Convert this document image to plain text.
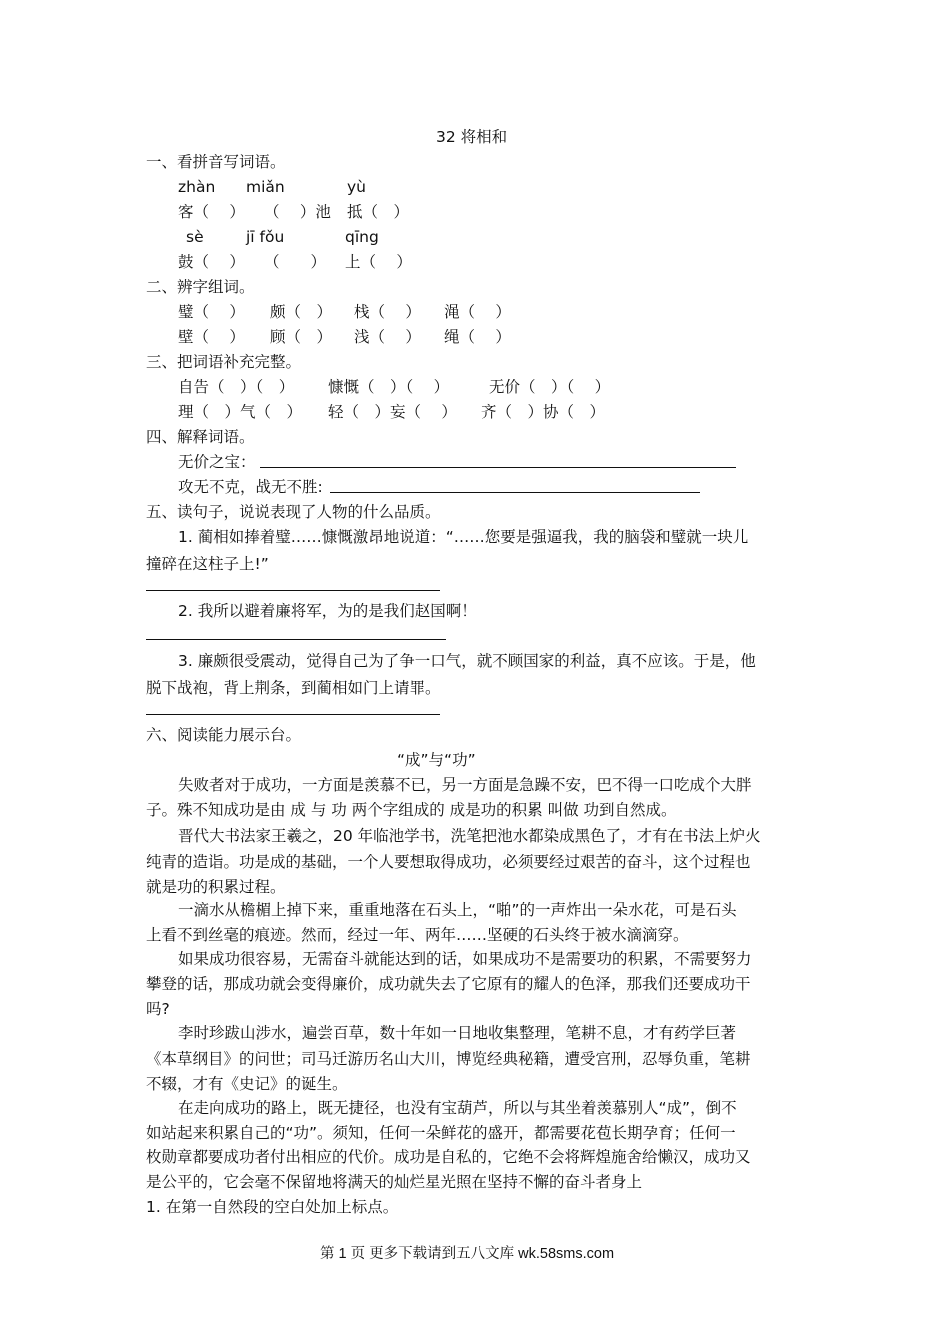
32 将相和
一、看拼音写词语。
zhàn miǎn	yù
客（　 ） （　 ）池 抵（　）
sè	jī fǒu	qīng
鼓（　 ） （　　） 上（　 ）
二、辨字组词。
璧（　 ） 颇（　） 栈（　 ） 渑（　 ）
壁（　 ） 顾（　） 浅（　 ） 绳（　 ）
三、把词语补充完整。
自告（　）（　） 慷慨（　）（　 ）	无价（　）（　 ）
理（　）气（　） 轻（　）妄（　 ） 齐（　）协（　）
四、解释词语。
无价之宝：
攻无不克，战无不胜:
五、读句子，说说表现了人物的什么品质。
1. 蔺相如捧着璧……慷慨激昂地说道：“……您要是强逼我，我的脑袋和璧就一块儿
撞碎在这柱子上!”
2. 我所以避着廉将军，为的是我们赵国啊！
3. 廉颇很受震动，觉得自己为了争一口气，就不顾国家的利益，真不应该。于是，他
脱下战袍，背上荆条，到蔺相如门上请罪。
六、阅读能力展示台。
“成”与“功”
失败者对于成功，一方面是羡慕不已，另一方面是急躁不安，巴不得一口吃成个大胖
子。殊不知成功是由 成 与 功 两个字组成的 成是功的积累 叫做 功到自然成。
晋代大书法家王羲之，20 年临池学书，洗笔把池水都染成黑色了，才有在书法上炉火
纯青的造诣。功是成的基础，一个人要想取得成功，必须要经过艰苦的奋斗，这个过程也
就是功的积累过程。
一滴水从檐楣上掉下来，重重地落在石头上，“啪”的一声炸出一朵水花，可是石头
上看不到丝毫的痕迹。然而，经过一年、两年……坚硬的石头终于被水滴滴穿。
如果成功很容易，无需奋斗就能达到的话，如果成功不是需要功的积累，不需要努力
攀登的话，那成功就会变得廉价，成功就失去了它原有的耀人的色泽，那我们还要成功干
吗?
李时珍跋山涉水，遍尝百草，数十年如一日地收集整理，笔耕不息，才有药学巨著
《本草纲目》的问世；司马迁游历名山大川，博览经典秘籍，遭受宫刑，忍辱负重，笔耕
不辍，才有《史记》的诞生。
在走向成功的路上，既无捷径，也没有宝葫芦，所以与其坐着羡慕别人“成”，倒不
如站起来积累自己的“功”。须知，任何一朵鲜花的盛开，都需要花苞长期孕育；任何一
枚勋章都要成功者付出相应的代价。成功是自私的，它绝不会将辉煌施舍给懒汉，成功又
是公平的，它会毫不保留地将满天的灿烂星光照在坚持不懈的奋斗者身上
1. 在第一自然段的空白处加上标点。
第 1 页 更多下载请到五八文库 wk.58sms.com
